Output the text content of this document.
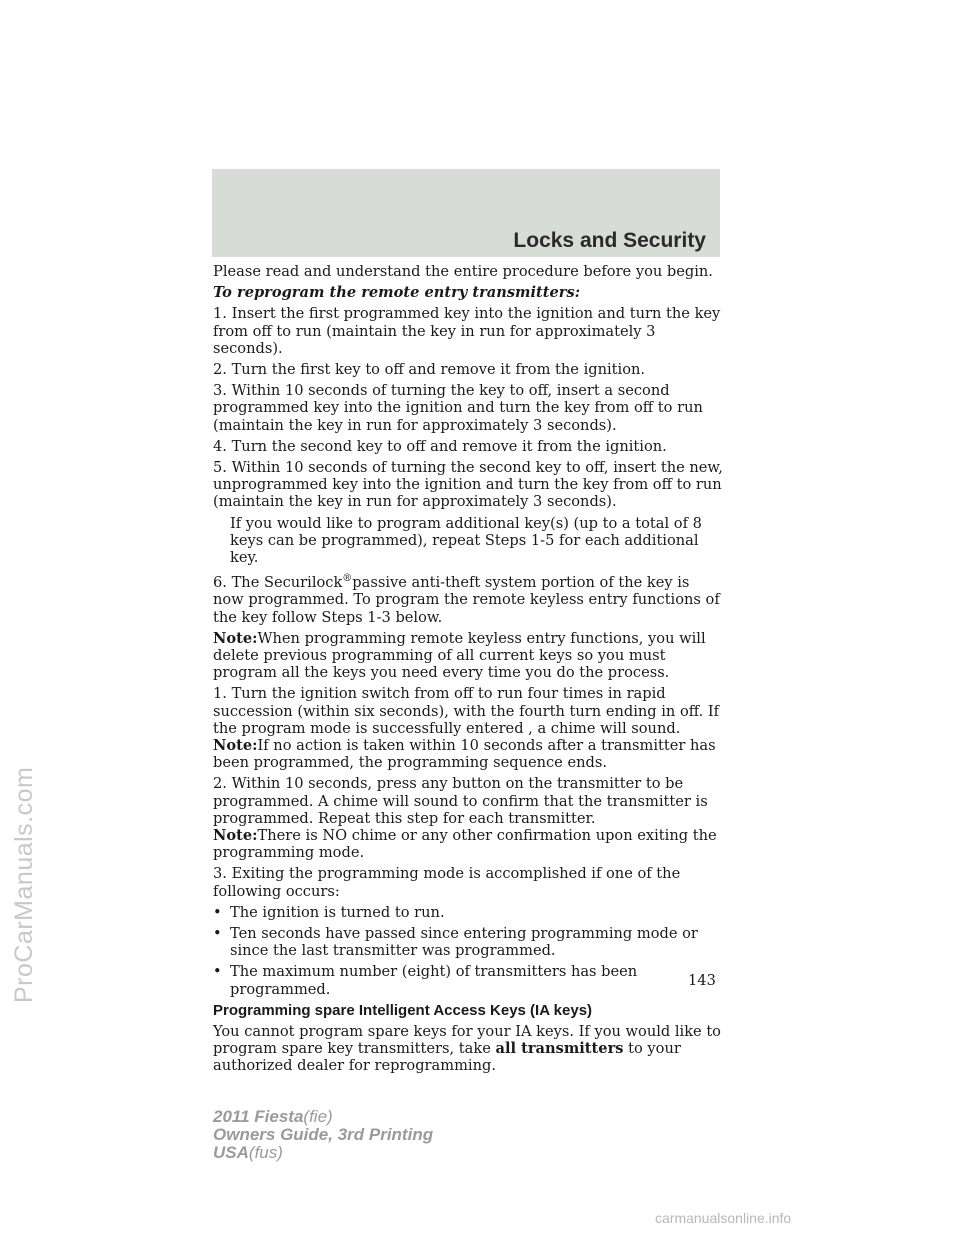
Locks and Security

Please read and understand the entire procedure before you begin.

To reprogram the remote entry transmitters:

1. Insert the first programmed key into the ignition and turn the key from off to run (maintain the key in run for approximately 3 seconds).

2. Turn the first key to off and remove it from the ignition.

3. Within 10 seconds of turning the key to off, insert a second programmed key into the ignition and turn the key from off to run (maintain the key in run for approximately 3 seconds).

4. Turn the second key to off and remove it from the ignition.

5. Within 10 seconds of turning the second key to off, insert the new, unprogrammed key into the ignition and turn the key from off to run (maintain the key in run for approximately 3 seconds).

If you would like to program additional key(s) (up to a total of 8 keys can be programmed), repeat Steps 1-5 for each additional key.

6. The Securilock®passive anti-theft system portion of the key is now programmed. To program the remote keyless entry functions of the key follow Steps 1-3 below.

Note:When programming remote keyless entry functions, you will delete previous programming of all current keys so you must program all the keys you need every time you do the process.

1. Turn the ignition switch from off to run four times in rapid succession (within six seconds), with the fourth turn ending in off. If the program mode is successfully entered , a chime will sound.

Note:If no action is taken within 10 seconds after a transmitter has been programmed, the programming sequence ends.

2. Within 10 seconds, press any button on the transmitter to be programmed. A chime will sound to confirm that the transmitter is programmed. Repeat this step for each transmitter.

Note:There is NO chime or any other confirmation upon exiting the programming mode.

3. Exiting the programming mode is accomplished if one of the following occurs:

• The ignition is turned to run.
• Ten seconds have passed since entering programming mode or since the last transmitter was programmed.
• The maximum number (eight) of transmitters has been programmed.
Programming spare Intelligent Access Keys (IA keys)

You cannot program spare keys for your IA keys. If you would like to program spare key transmitters, take all transmitters to your authorized dealer for reprogramming.

143
ProCarManuals.com
2011 Fiesta(fie)
Owners Guide, 3rd Printing
USA(fus)
carmanualsonline.info
